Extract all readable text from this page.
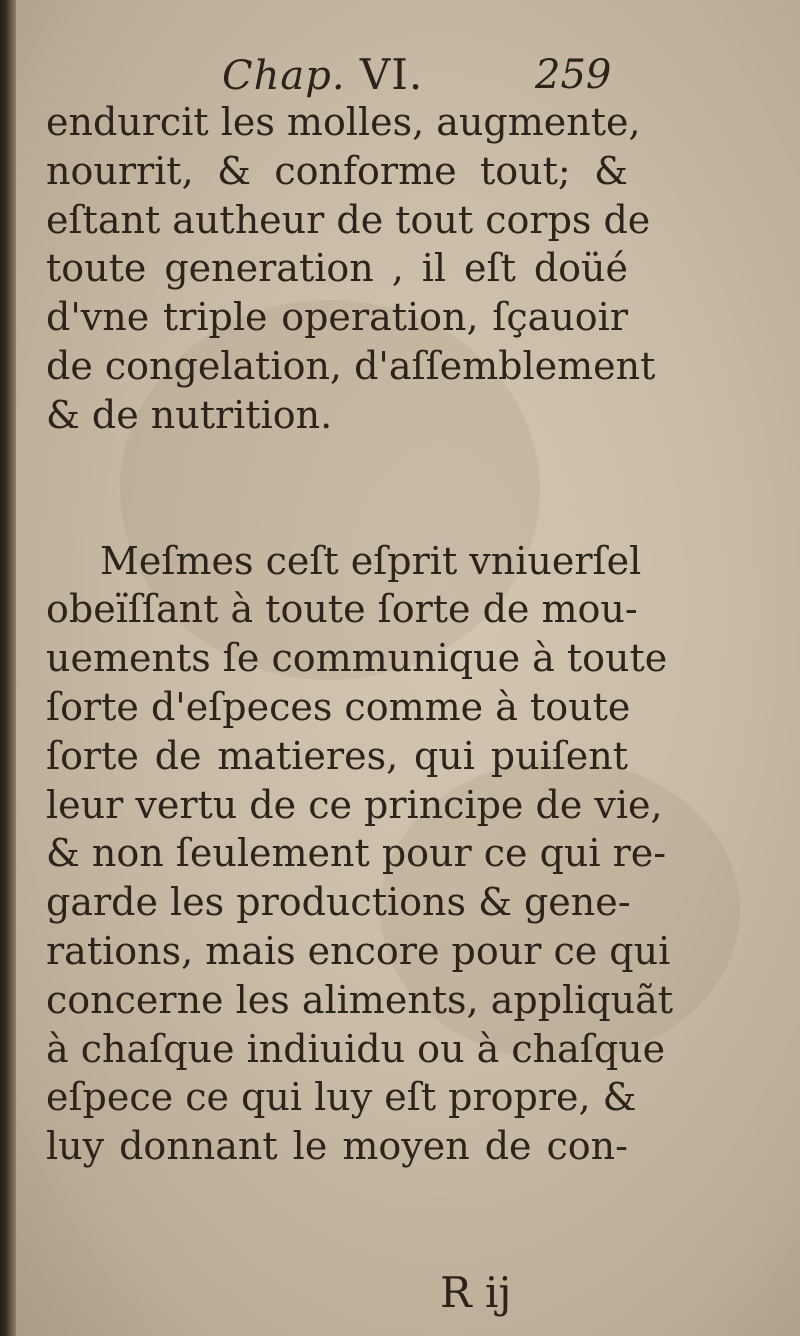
Chap. VI.	259
endurcit les molles, augmente,
nourrit, & conforme tout; &
eſtant autheur de tout corps de
toute generation , il eſt doüé
d'vne triple operation, ſçauoir
de congelation, d'aſſemblement
& de nutrition.
Meſmes ceſt eſprit vniuerſel
obeïſſant à toute ſorte de mou-
uements ſe communique à toute
ſorte d'eſpeces comme à toute
ſorte de matieres, qui puiſent
leur vertu de ce principe de vie,
& non ſeulement pour ce qui re-
garde les productions & gene-
rations, mais encore pour ce qui
concerne les aliments, appliquãt
à chaſque indiuidu ou à chaſque
eſpece ce qui luy eſt propre, &
luy donnant le moyen de con-
R ij
